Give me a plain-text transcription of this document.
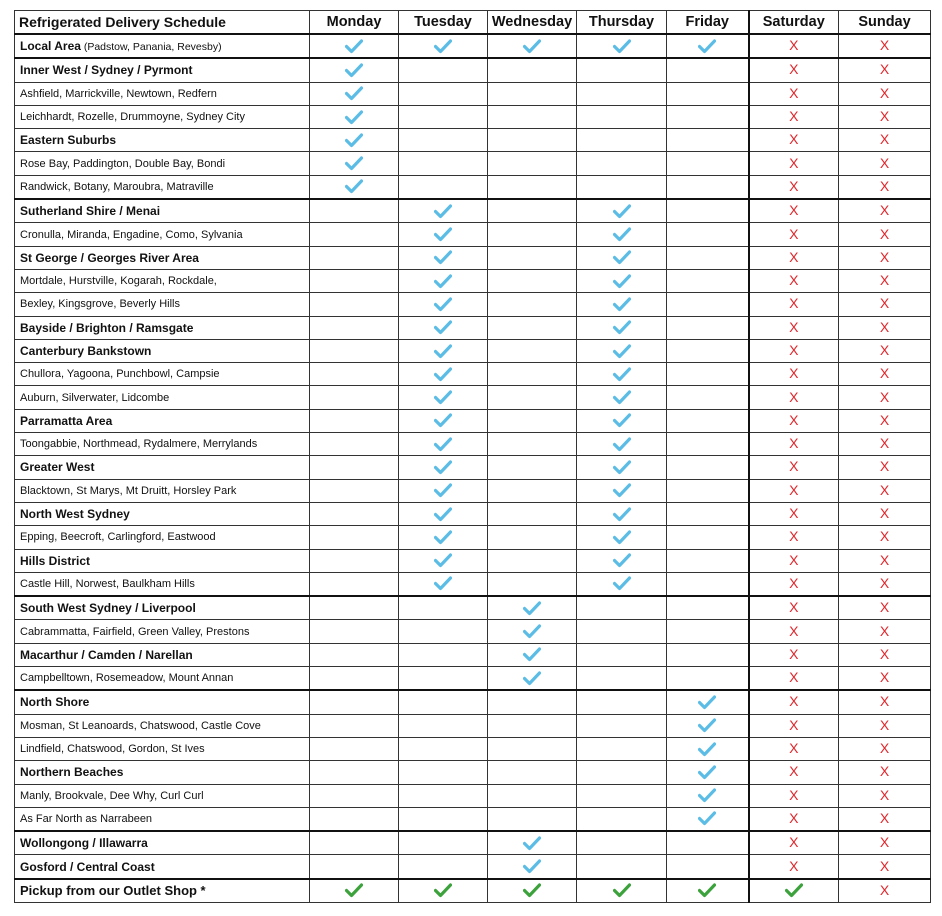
Refrigerated Delivery Schedule	Monday	Tuesday	Wednesday	Thursday	Friday	Saturday	Sunday
Local Area (Padstow, Panania, Revesby)						X	X
Inner West / Sydney / Pyrmont						X	X
Ashfield, Marrickville, Newtown, Redfern						X	X
Leichhardt, Rozelle, Drummoyne, Sydney City						X	X
Eastern Suburbs						X	X
Rose Bay, Paddington, Double Bay, Bondi						X	X
Randwick, Botany, Maroubra, Matraville						X	X
Sutherland Shire / Menai						X	X
Cronulla, Miranda, Engadine, Como, Sylvania						X	X
St George / Georges River Area						X	X
Mortdale, Hurstville, Kogarah, Rockdale,						X	X
Bexley, Kingsgrove, Beverly Hills						X	X
Bayside / Brighton / Ramsgate						X	X
Canterbury Bankstown						X	X
Chullora, Yagoona, Punchbowl, Campsie						X	X
Auburn, Silverwater, Lidcombe						X	X
Parramatta Area						X	X
Toongabbie, Northmead, Rydalmere, Merrylands						X	X
Greater West						X	X
Blacktown, St Marys, Mt Druitt, Horsley Park						X	X
North West Sydney						X	X
Epping, Beecroft, Carlingford, Eastwood						X	X
Hills District						X	X
Castle Hill, Norwest, Baulkham Hills						X	X
South West Sydney / Liverpool						X	X
Cabrammatta, Fairfield, Green Valley, Prestons						X	X
Macarthur / Camden / Narellan						X	X
Campbelltown, Rosemeadow, Mount Annan						X	X
North Shore						X	X
Mosman, St Leanoards, Chatswood, Castle Cove						X	X
Lindfield, Chatswood, Gordon, St Ives						X	X
Northern Beaches						X	X
Manly, Brookvale, Dee Why, Curl Curl						X	X
As Far North as Narrabeen						X	X
Wollongong / Illawarra						X	X
Gosford / Central Coast						X	X
Pickup from our Outlet Shop *							X
